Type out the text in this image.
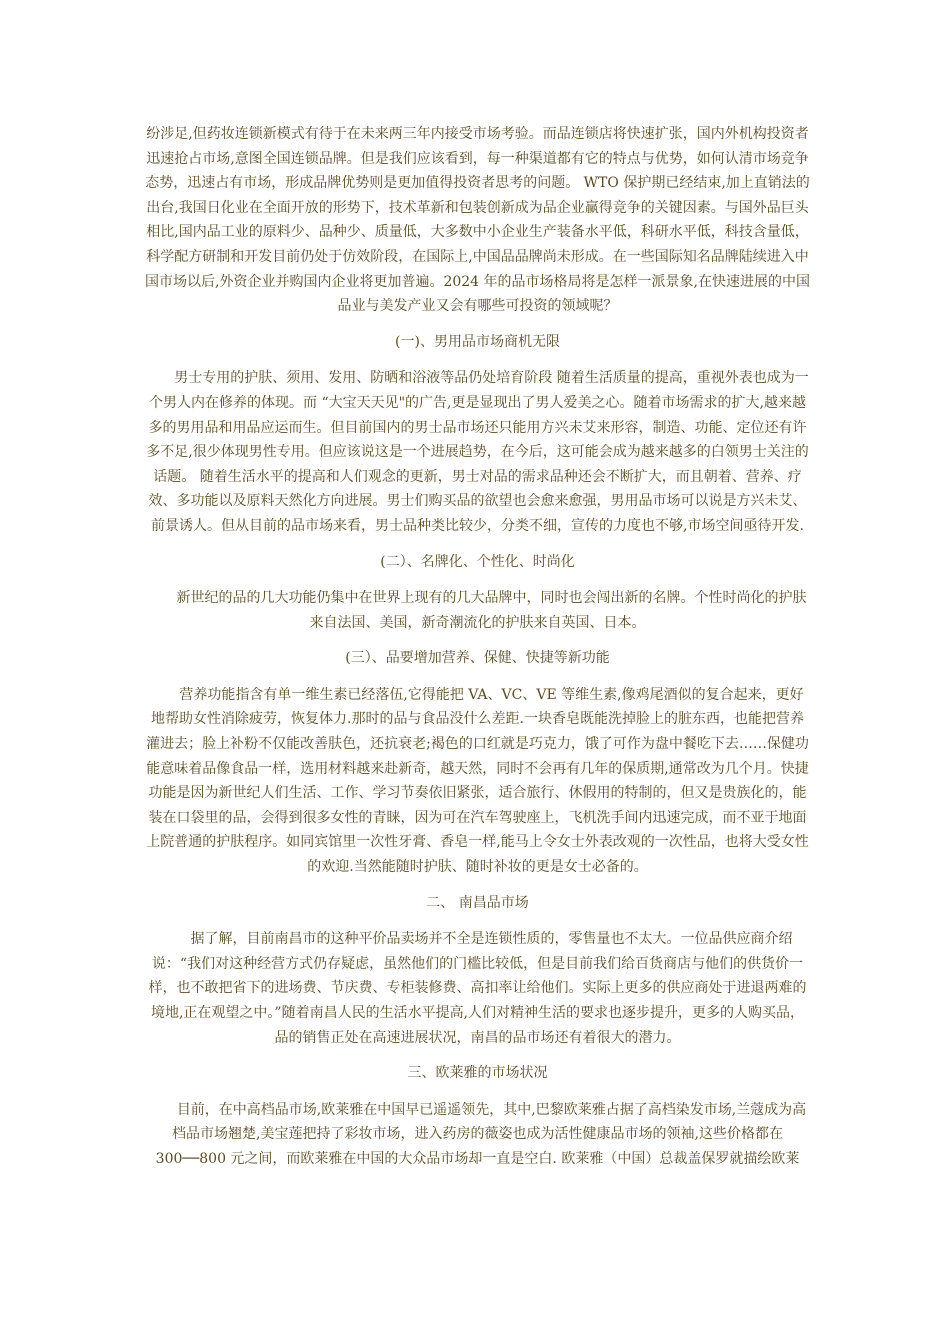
纷涉足,但药妆连锁新模式有待于在未来两三年内接受市场考验。而品连锁店将快速扩张，国内外机构投资者迅速抢占市场,意图全国连锁品牌。但是我们应该看到，每一种渠道都有它的特点与优势，如何认清市场竞争态势，迅速占有市场，形成品牌优势则是更加值得投资者思考的问题。 WTO 保护期已经结束,加上直销法的出台,我国日化业在全面开放的形势下，技术革新和包装创新成为品企业赢得竞争的关键因素。与国外品巨头相比,国内品工业的原料少、品种少、质量低，大多数中小企业生产装备水平低，科研水平低，科技含量低，科学配方研制和开发目前仍处于仿效阶段，在国际上,中国品品牌尚未形成。在一些国际知名品牌陆续进入中国市场以后,外资企业并购国内企业将更加普遍。2024 年的品市场格局将是怎样一派景象,在快速进展的中国品业与美发产业又会有哪些可投资的领域呢？

(一)、男用品市场商机无限

男士专用的护肤、须用、发用、防晒和浴液等品仍处培育阶段 随着生活质量的提高，重视外表也成为一个男人内在修养的体现。而 “大宝天天见"的广告,更是显现出了男人爱美之心。随着市场需求的扩大,越来越多的男用品和用品应运而生。但目前国内的男士品市场还只能用方兴未艾来形容，制造、功能、定位还有许多不足,很少体现男性专用。但应该说这是一个进展趋势，在今后，这可能会成为越来越多的白领男士关注的话题。 随着生活水平的提高和人们观念的更新，男士对品的需求品种还会不断扩大，而且朝着、营养、疗效、多功能以及原料天然化方向进展。男士们购买品的欲望也会愈来愈强，男用品市场可以说是方兴未艾、前景诱人。但从目前的品市场来看，男士品种类比较少，分类不细，宣传的力度也不够,市场空间亟待开发.

(二）、名牌化、个性化、时尚化

新世纪的品的几大功能仍集中在世界上现有的几大品牌中，同时也会闯出新的名牌。个性时尚化的护肤来自法国、美国，新奇潮流化的护肤来自英国、日本。

(三）、品要增加营养、保健、快捷等新功能

营养功能指含有单一维生素已经落伍,它得能把 VA、VC、VE 等维生素,像鸡尾酒似的复合起来，更好地帮助女性消除疲劳，恢复体力.那时的品与食品没什么差距.一块香皂既能洗掉脸上的脏东西，也能把营养灌进去；脸上补粉不仅能改善肤色，还抗衰老;褐色的口红就是巧克力，饿了可作为盘中餐吃下去……保健功能意味着品像食品一样，选用材料越来赴新奇，越天然，同时不会再有几年的保质期,通常改为几个月。快捷功能是因为新世纪人们生活、工作、学习节奏依旧紧张，适合旅行、休假用的特制的，但又是贵族化的，能装在口袋里的品，会得到很多女性的青睐，因为可在汽车驾驶座上，飞机洗手间内迅速完成，而不亚于地面上院普通的护肤程序。如同宾馆里一次性牙膏、香皂一样,能马上令女士外表改观的一次性品，也将大受女性的欢迎.当然能随时护肤、随时补妆的更是女士必备的。

二、 南昌品市场

据了解，目前南昌市的这种平价品卖场并不全是连锁性质的，零售量也不太大。一位品供应商介绍说：“我们对这种经营方式仍存疑虑，虽然他们的门槛比较低，但是目前我们给百货商店与他们的供货价一样，也不敢把省下的进场费、节庆费、专柜装修费、高扣率让给他们。实际上更多的供应商处于进退两难的境地,正在观望之中。”随着南昌人民的生活水平提高,人们对精神生活的要求也逐步提升，更多的人购买品，品的销售正处在高速进展状况，南昌的品市场还有着很大的潜力。

三、欧莱雅的市场状况

目前，在中高档品市场,欧莱雅在中国早已遥遥领先，其中,巴黎欧莱雅占据了高档染发市场,兰蔻成为高档品市场翘楚,美宝莲把持了彩妆市场，进入药房的薇姿也成为活性健康品市场的领袖,这些价格都在 300──800 元之间，而欧莱雅在中国的大众品市场却一直是空白. 欧莱雅（中国）总裁盖保罗就描绘欧莱
